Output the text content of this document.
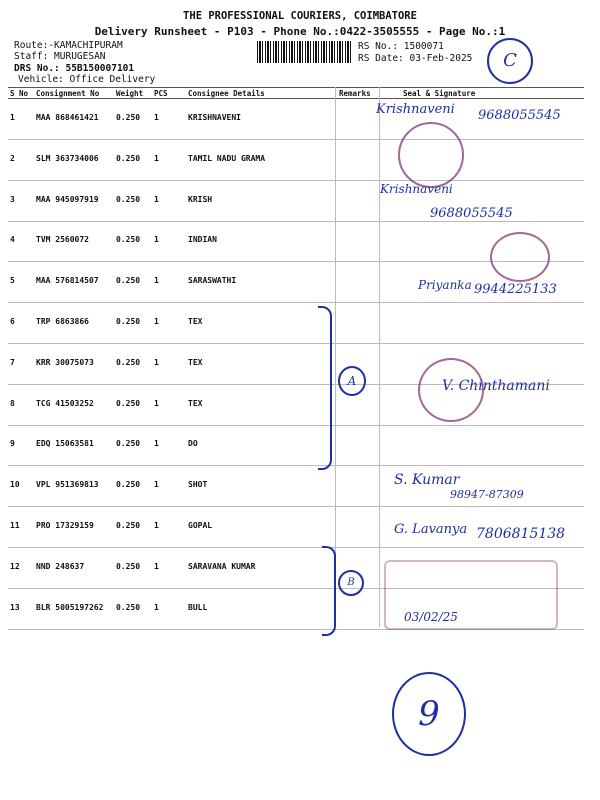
THE PROFESSIONAL COURIERS, COIMBATORE
Delivery Runsheet - P103 - Phone No.:0422-3505555 - Page No.:1
Route:-KAMACHIPURAM
Staff: MURUGESAN
DRS No.: 55B150007101
Vehicle: Office Delivery
RS No.: 1500071
RS Date: 03-Feb-2025	C
S No Consignment No Weight PCS	Consignee Details	Remarks	Seal & Signature
1	MAA 868461421 0.250 1	KRISHNAVENI
2	SLM 363734006 0.250 1	TAMIL NADU GRAMA
3	MAA 945097919 0.250 1	KRISH
4	TVM 2560072	0.250 1	INDIAN
5	MAA 576814507 0.250 1	SARASWATHI
6	TRP 6863866	0.250 1	TEX
7	KRR 30075073	0.250 1	TEX
8	TCG 41503252	0.250 1	TEX
9	EDQ 15063581	0.250 1	DO
10 VPL 951369813 0.250 1	SHOT
11 PRO 17329159	0.250 1	GOPAL
12 NND 248637	0.250 1	SARAVANA KUMAR
13 BLR 5005197262 0.250 1	BULL
Krishnaveni 9688055545
Krishnaveni
9688055545
Priyanka 9944225133
A	V. Chinthamani
S. Kumar
98947-87309
G. Lavanya 7806815138
B
03/02/25
9
